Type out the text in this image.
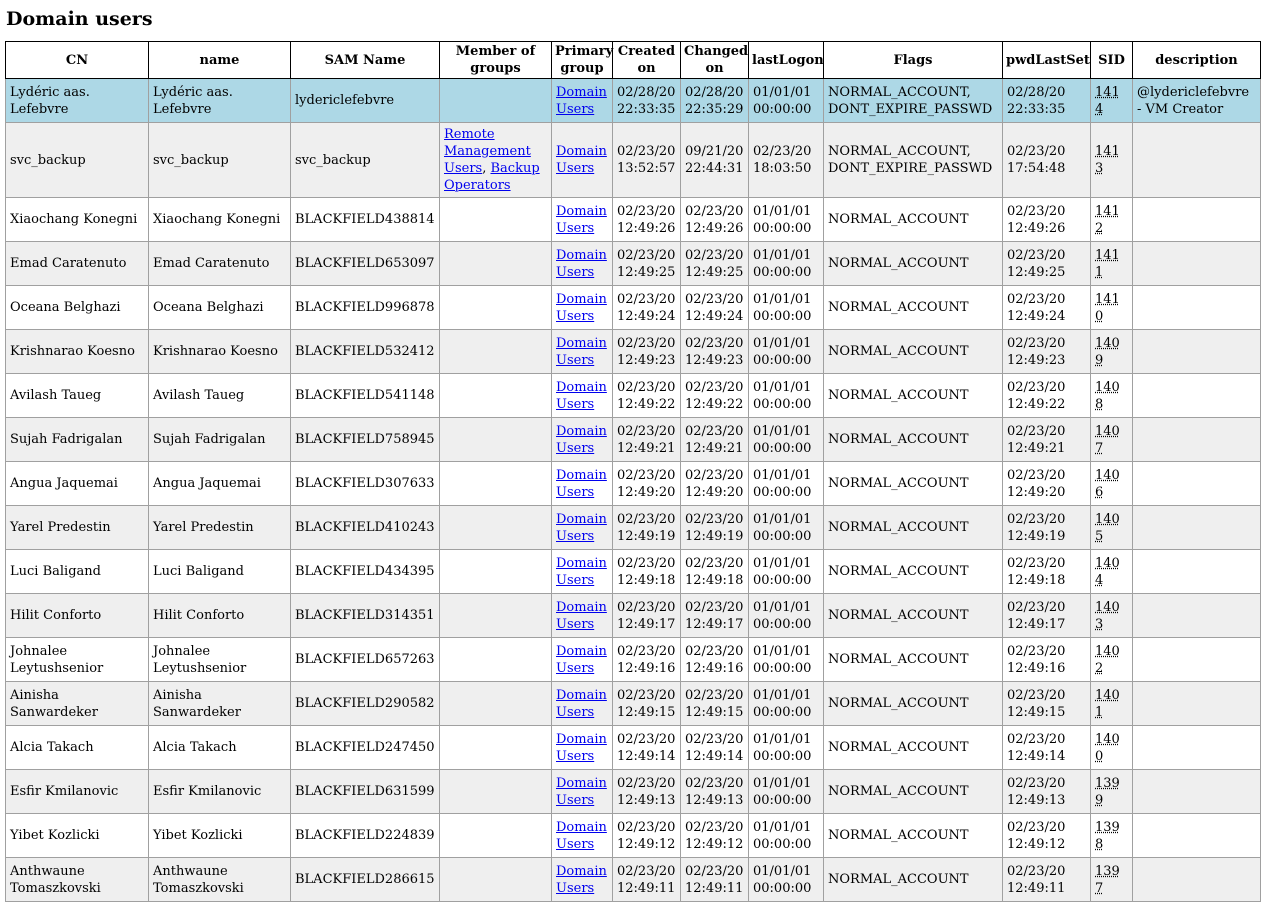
Domain users
CN	name	SAM Name	Member of groups	Primary group	Created on	Changed on	lastLogon	Flags	pwdLastSet	SID	description
Lydéric aas. Lefebvre	Lydéric aas. Lefebvre	lydericlefebvre		Domain Users	02/28/20 22:33:35	02/28/20 22:35:29	01/01/01 00:00:00	NORMAL_ACCOUNT, DONT_EXPIRE_PASSWD	02/28/20 22:33:35	1414	@lydericlefebvre - VM Creator
svc_backup	svc_backup	svc_backup	Remote Management Users, Backup Operators	Domain Users	02/23/20 13:52:57	09/21/20 22:44:31	02/23/20 18:03:50	NORMAL_ACCOUNT, DONT_EXPIRE_PASSWD	02/23/20 17:54:48	1413	
Xiaochang Konegni	Xiaochang Konegni	BLACKFIELD438814		Domain Users	02/23/20 12:49:26	02/23/20 12:49:26	01/01/01 00:00:00	NORMAL_ACCOUNT	02/23/20 12:49:26	1412	
Emad Caratenuto	Emad Caratenuto	BLACKFIELD653097		Domain Users	02/23/20 12:49:25	02/23/20 12:49:25	01/01/01 00:00:00	NORMAL_ACCOUNT	02/23/20 12:49:25	1411	
Oceana Belghazi	Oceana Belghazi	BLACKFIELD996878		Domain Users	02/23/20 12:49:24	02/23/20 12:49:24	01/01/01 00:00:00	NORMAL_ACCOUNT	02/23/20 12:49:24	1410	
Krishnarao Koesno	Krishnarao Koesno	BLACKFIELD532412		Domain Users	02/23/20 12:49:23	02/23/20 12:49:23	01/01/01 00:00:00	NORMAL_ACCOUNT	02/23/20 12:49:23	1409	
Avilash Taueg	Avilash Taueg	BLACKFIELD541148		Domain Users	02/23/20 12:49:22	02/23/20 12:49:22	01/01/01 00:00:00	NORMAL_ACCOUNT	02/23/20 12:49:22	1408	
Sujah Fadrigalan	Sujah Fadrigalan	BLACKFIELD758945		Domain Users	02/23/20 12:49:21	02/23/20 12:49:21	01/01/01 00:00:00	NORMAL_ACCOUNT	02/23/20 12:49:21	1407	
Angua Jaquemai	Angua Jaquemai	BLACKFIELD307633		Domain Users	02/23/20 12:49:20	02/23/20 12:49:20	01/01/01 00:00:00	NORMAL_ACCOUNT	02/23/20 12:49:20	1406	
Yarel Predestin	Yarel Predestin	BLACKFIELD410243		Domain Users	02/23/20 12:49:19	02/23/20 12:49:19	01/01/01 00:00:00	NORMAL_ACCOUNT	02/23/20 12:49:19	1405	
Luci Baligand	Luci Baligand	BLACKFIELD434395		Domain Users	02/23/20 12:49:18	02/23/20 12:49:18	01/01/01 00:00:00	NORMAL_ACCOUNT	02/23/20 12:49:18	1404	
Hilit Conforto	Hilit Conforto	BLACKFIELD314351		Domain Users	02/23/20 12:49:17	02/23/20 12:49:17	01/01/01 00:00:00	NORMAL_ACCOUNT	02/23/20 12:49:17	1403	
Johnalee Leytushsenior	Johnalee Leytushsenior	BLACKFIELD657263		Domain Users	02/23/20 12:49:16	02/23/20 12:49:16	01/01/01 00:00:00	NORMAL_ACCOUNT	02/23/20 12:49:16	1402	
Ainisha Sanwardeker	Ainisha Sanwardeker	BLACKFIELD290582		Domain Users	02/23/20 12:49:15	02/23/20 12:49:15	01/01/01 00:00:00	NORMAL_ACCOUNT	02/23/20 12:49:15	1401	
Alcia Takach	Alcia Takach	BLACKFIELD247450		Domain Users	02/23/20 12:49:14	02/23/20 12:49:14	01/01/01 00:00:00	NORMAL_ACCOUNT	02/23/20 12:49:14	1400	
Esfir Kmilanovic	Esfir Kmilanovic	BLACKFIELD631599		Domain Users	02/23/20 12:49:13	02/23/20 12:49:13	01/01/01 00:00:00	NORMAL_ACCOUNT	02/23/20 12:49:13	1399	
Yibet Kozlicki	Yibet Kozlicki	BLACKFIELD224839		Domain Users	02/23/20 12:49:12	02/23/20 12:49:12	01/01/01 00:00:00	NORMAL_ACCOUNT	02/23/20 12:49:12	1398	
Anthwaune Tomaszkovski	Anthwaune Tomaszkovski	BLACKFIELD286615		Domain Users	02/23/20 12:49:11	02/23/20 12:49:11	01/01/01 00:00:00	NORMAL_ACCOUNT	02/23/20 12:49:11	1397	
